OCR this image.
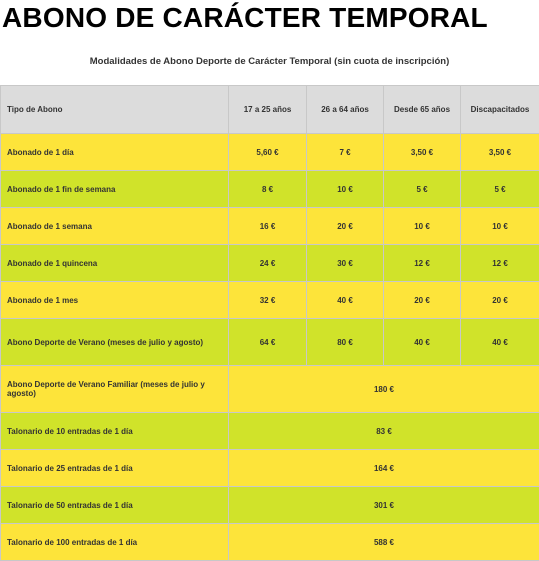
ABONO DE CARÁCTER TEMPORAL
Modalidades de Abono Deporte de Carácter Temporal (sin cuota de inscripción)
Tipo de Abono	17 a 25 años	26 a 64 años	Desde 65 años	Discapacitados
Abonado de 1 día	5,60 €	7 €	3,50 €	3,50 €
Abonado de 1 fin de semana	8 €	10 €	5 €	5 €
Abonado de 1 semana	16 €	20 €	10 €	10 €
Abonado de 1 quincena	24 €	30 €	12 €	12 €
Abonado de 1 mes	32 €	40 €	20 €	20 €
Abono Deporte de Verano (meses de julio y agosto)	64 €	80 €	40 €	40 €
Abono Deporte de Verano Familiar (meses de julio y agosto)	180 €			
Talonario de 10 entradas de 1 día	83 €			
Talonario de 25 entradas de 1 día	164 €			
Talonario de 50 entradas de 1 día	301 €			
Talonario de 100 entradas de 1 día	588 €			
